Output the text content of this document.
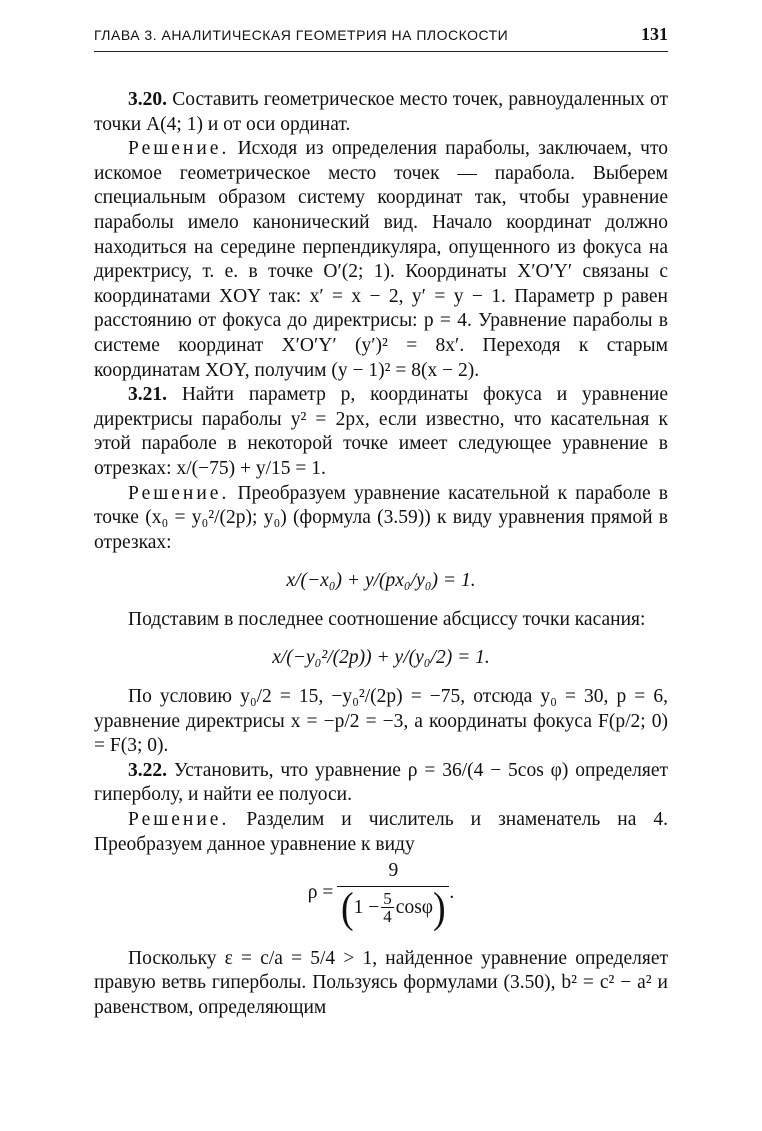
ГЛАВА 3. АНАЛИТИЧЕСКАЯ ГЕОМЕТРИЯ НА ПЛОСКОСТИ	131

3.20. Составить геометрическое место точек, равноудаленных от точки A(4; 1) и от оси ординат.

Решение. Исходя из определения параболы, заключаем, что искомое геометрическое место точек — парабола. Выберем специальным образом систему координат так, чтобы уравнение параболы имело канонический вид. Начало координат должно находиться на середине перпендикуляра, опущенного из фокуса на директрису, т. е. в точке O′(2; 1). Координаты X′O′Y′ связаны с координатами XOY так: x′ = x − 2, y′ = y − 1. Параметр p равен расстоянию от фокуса до директрисы: p = 4. Уравнение параболы в системе координат X′O′Y′ (y′)² = 8x′. Переходя к старым координатам XOY, получим (y − 1)² = 8(x − 2).

3.21. Найти параметр p, координаты фокуса и уравнение директрисы параболы y² = 2px, если известно, что касательная к этой параболе в некоторой точке имеет следующее уравнение в отрезках: x/(−75) + y/15 = 1.

Решение. Преобразуем уравнение касательной к параболе в точке (x₀ = y₀²/(2p); y₀) (формула (3.59)) к виду уравнения прямой в отрезках:

x/(−x₀) + y/(px₀/y₀) = 1.

Подставим в последнее соотношение абсциссу точки касания:

x/(−y₀²/(2p)) + y/(y₀/2) = 1.

По условию y₀/2 = 15, −y₀²/(2p) = −75, отсюда y₀ = 30, p = 6, уравнение директрисы x = −p/2 = −3, а координаты фокуса F(p/2; 0) = F(3; 0).

3.22. Установить, что уравнение ρ = 36/(4 − 5cos φ) определяет гиперболу, и найти ее полуоси.

Решение. Разделим и числитель и знаменатель на 4. Преобразуем данное уравнение к виду

ρ =
9
( $1 - \frac{5}{4}$ cosφ ) .

Поскольку ε = c/a = 5/4 > 1, найденное уравнение определяет правую ветвь гиперболы. Пользуясь формулами (3.50), b² = c² − a² и равенством, определяющим
